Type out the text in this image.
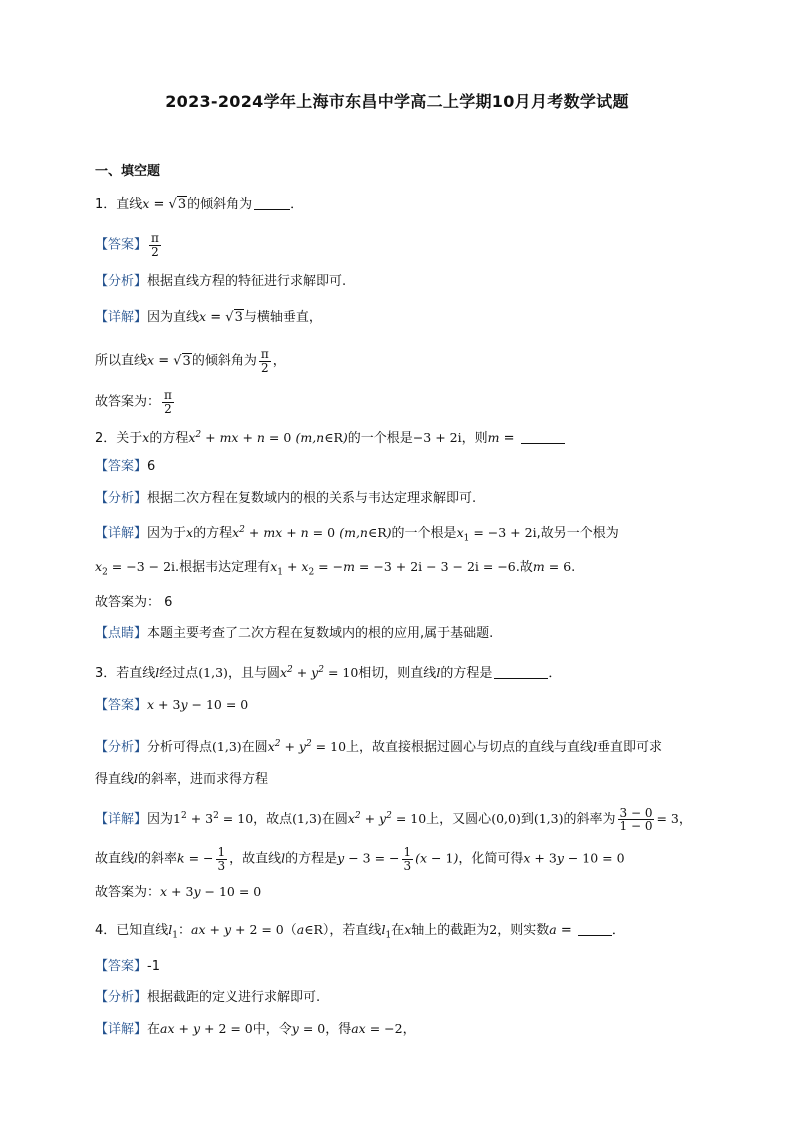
2023-2024学年上海市东昌中学高二上学期10月月考数学试题
一、填空题
1．直线x = √3的倾斜角为	．
【答案】 $\frac{\pi}{2}$
【分析】根据直线方程的特征进行求解即可.
【详解】因为直线x = √3与横轴垂直，
所以直线x = √3的倾斜角为 $\frac{\pi}{2}$ ，
故答案为： $\frac{\pi}{2}$
2．关于x的方程$x^2$ + mx + n = 0 (m,n∈R)的一个根是−3 + 2i，则m =
【答案】6
【分析】根据二次方程在复数域内的根的关系与韦达定理求解即可.
【详解】因为于x的方程$x^2$ + mx + n = 0 (m,n∈R)的一个根是$x_1 = -3 + 2i$,故另一个根为
$x_2 = -3 - 2i$.根据韦达定理有$x_1 + x_2 = -m = -3 + 2i - 3 - 2i = -6$.故m = 6.
故答案为： 6
【点睛】本题主要考查了二次方程在复数域内的根的应用,属于基础题.
3．若直线l经过点(1,3)，且与圆$x^2 + y^2 = 10$相切，则直线l的方程是	．
【答案】x + 3y − 10 = 0
【分析】分析可得点(1,3)在圆$x^2 + y^2 = 10$上，故直接根据过圆心与切点的直线与直线l垂直即可求
得直线l的斜率，进而求得方程
【详解】因为$1^2 + 3^2 = 10$，故点(1,3)在圆$x^2 + y^2 = 10$上，又圆心(0,0)到(1,3)的斜率为 $\frac{3 - 0}{1 - 0} = 3$，
故直线l的斜率k = − $\frac{1}{3}$ ，故直线l的方程是y − 3 = − $\frac{1}{3} (x - 1)$，化简可得x + 3y − 10 = 0
故答案为：x + 3y − 10 = 0
4．已知直线$l_1$：ax + y + 2 = 0（a∈R），若直线$l_1$在x轴上的截距为2，则实数a =	．
【答案】-1
【分析】根据截距的定义进行求解即可.
【详解】在ax + y + 2 = 0中，令y = 0，得ax = −2，
